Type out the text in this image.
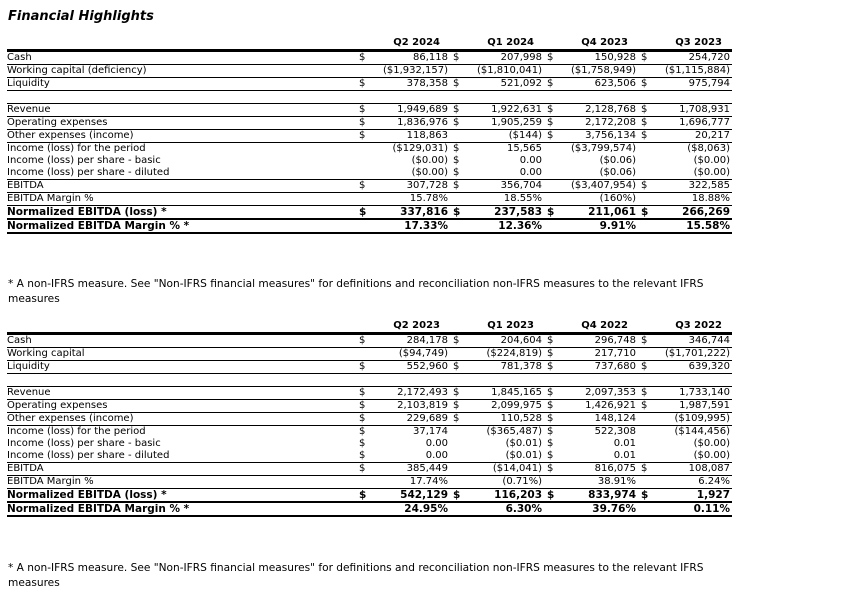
Financial Highlights
		Q2 2024		Q1 2024		Q4 2023		Q3 2023
Cash	$	86,118	$	207,998	$	150,928	$	254,720
Working capital (deficiency)		($1,932,157)		($1,810,041)		($1,758,949)		($1,115,884)
Liquidity	$	378,358	$	521,092	$	623,506	$	975,794

Revenue	$	1,949,689	$	1,922,631	$	2,128,768	$	1,708,931
Operating expenses	$	1,836,976	$	1,905,259	$	2,172,208	$	1,696,777
Other expenses (income)	$	118,863		($144)	$	3,756,134	$	20,217
Income (loss) for the period		($129,031)	$	15,565		($3,799,574)		($8,063)
Income (loss) per share - basic		($0.00)	$	0.00		($0.06)		($0.00)
Income (loss) per share - diluted		($0.00)	$	0.00		($0.06)		($0.00)
EBITDA	$	307,728	$	356,704		($3,407,954)	$	322,585
EBITDA Margin %		15.78%		18.55%		(160%)		18.88%
Normalized EBITDA (loss) *	$	337,816	$	237,583	$	211,061	$	266,269
Normalized EBITDA Margin % *		17.33%		12.36%		9.91%		15.58%
* A non-IFRS measure. See "Non-IFRS financial measures" for definitions and reconciliation non-IFRS measures to the relevant IFRS measures
		Q2 2023		Q1 2023		Q4 2022		Q3 2022
Cash	$	284,178	$	204,604	$	296,748	$	346,744
Working capital		($94,749)		($224,819)	$	217,710		($1,701,222)
Liquidity	$	552,960	$	781,378	$	737,680	$	639,320

Revenue	$	2,172,493	$	1,845,165	$	2,097,353	$	1,733,140
Operating expenses	$	2,103,819	$	2,099,975	$	1,426,921	$	1,987,591
Other expenses (income)	$	229,689	$	110,528	$	148,124		($109,995)
Income (loss) for the period	$	37,174		($365,487)	$	522,308		($144,456)
Income (loss) per share - basic	$	0.00		($0.01)	$	0.01		($0.00)
Income (loss) per share - diluted	$	0.00		($0.01)	$	0.01		($0.00)
EBITDA	$	385,449		($14,041)	$	816,075	$	108,087
EBITDA Margin %		17.74%		(0.71%)		38.91%		6.24%
Normalized EBITDA (loss) *	$	542,129	$	116,203	$	833,974	$	1,927
Normalized EBITDA Margin % *		24.95%		6.30%		39.76%		0.11%
* A non-IFRS measure. See "Non-IFRS financial measures" for definitions and reconciliation non-IFRS measures to the relevant IFRS measures
